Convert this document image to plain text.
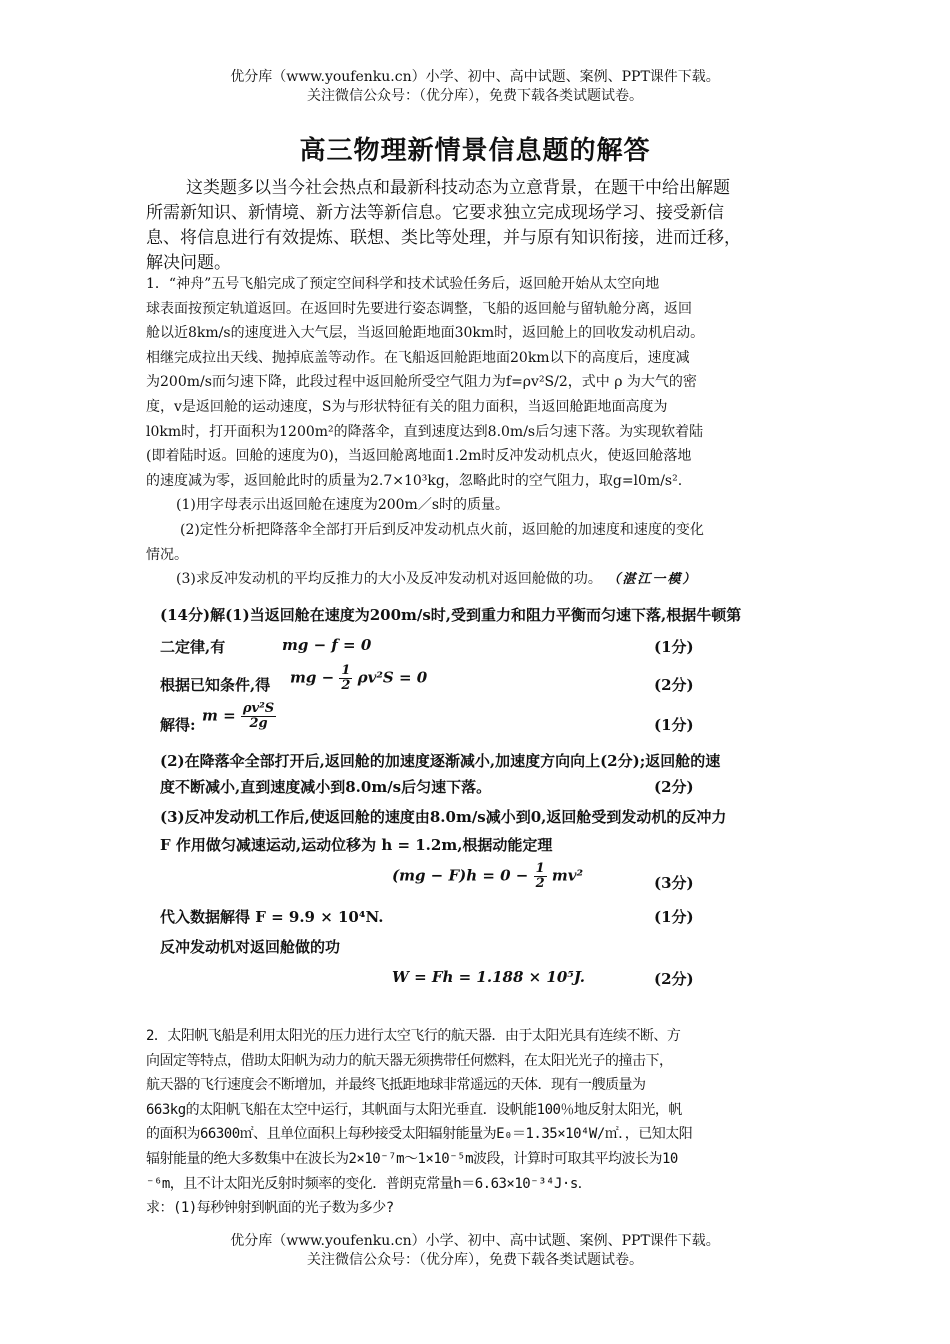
优分库（www.youfenku.cn）小学、初中、高中试题、案例、PPT课件下载。
关注微信公众号：（优分库），免费下载各类试题试卷。
高三物理新情景信息题的解答
这类题多以当今社会热点和最新科技动态为立意背景，在题干中给出解题
所需新知识、新情境、新方法等新信息。它要求独立完成现场学习、接受新信
息、将信息进行有效提炼、联想、类比等处理，并与原有知识衔接，进而迁移，
解决问题。
1．“神舟”五号飞船完成了预定空间科学和技术试验任务后，返回舱开始从太空向地
球表面按预定轨道返回。在返回时先要进行姿态调整，飞船的返回舱与留轨舱分离，返回
舱以近8km/s的速度进入大气层，当返回舱距地面30km时，返回舱上的回收发动机启动。
相继完成拉出天线、抛掉底盖等动作。在飞船返回舱距地面20km以下的高度后，速度减
为200m/s而匀速下降，此段过程中返回舱所受空气阻力为f=ρv²S/2，式中 ρ 为大气的密
度，v是返回舱的运动速度，S为与形状特征有关的阻力面积，当返回舱距地面高度为
l0km时，打开面积为1200m²的降落伞，直到速度达到8.0m/s后匀速下落。为实现软着陆
(即着陆时返。回舱的速度为0)，当返回舱离地面1.2m时反冲发动机点火，使返回舱落地
的速度减为零，返回舱此时的质量为2.7×10³kg，忽略此时的空气阻力，取g=l0m/s².
(1)用字母表示出返回舱在速度为200m／s时的质量。
(2)定性分析把降落伞全部打开后到反冲发动机点火前，返回舱的加速度和速度的变化
情况。
(3)求反冲发动机的平均反推力的大小及反冲发动机对返回舱做的功。 （湛江一模）
(14分)解(1)当返回舱在速度为200m/s时,受到重力和阻力平衡而匀速下落,根据牛顿第
二定律,有	mg − f = 0	(1分)
根据已知条件,得 mg − $\frac{1}{2} \rho v^2S = 0$	(2分)
解得:
$m = \frac{\text{ρv²S}}{2g}$	(1分)
(2)在降落伞全部打开后,返回舱的加速度逐渐减小,加速度方向向上(2分);返回舱的速
度不断减小,直到速度减小到8.0m/s后匀速下落。	(2分)
(3)反冲发动机工作后,使返回舱的速度由8.0m/s减小到0,返回舱受到发动机的反冲力
F 作用做匀减速运动,运动位移为 h = 1.2m,根据动能定理
$(mg - F)h = 0 - \frac{1}{2} mv^2$	(3分)
代入数据解得 F = 9.9 × 10⁴N.	(1分)
反冲发动机对返回舱做的功
W = Fh = 1.188 × 10⁵J.	(2分)
2．太阳帆飞船是利用太阳光的压力进行太空飞行的航天器．由于太阳光具有连续不断、方
向固定等特点，借助太阳帆为动力的航天器无须携带任何燃料，在太阳光光子的撞击下，
航天器的飞行速度会不断增加，并最终飞抵距地球非常遥远的天体．现有一艘质量为
663kg的太阳帆飞船在太空中运行，其帆面与太阳光垂直．设帆能100％地反射太阳光，帆
的面积为66300㎡、且单位面积上每秒接受太阳辐射能量为E₀＝1.35×10⁴W/㎡．，已知太阳
辐射能量的绝大多数集中在波长为2×10⁻⁷m～1×10⁻⁵m波段，计算时可取其平均波长为10
⁻⁶m，且不计太阳光反射时频率的变化．普朗克常量h＝6.63×10⁻³⁴J·s．
求：(1)每秒钟射到帆面的光子数为多少?
优分库（www.youfenku.cn）小学、初中、高中试题、案例、PPT课件下载。
关注微信公众号：（优分库），免费下载各类试题试卷。
